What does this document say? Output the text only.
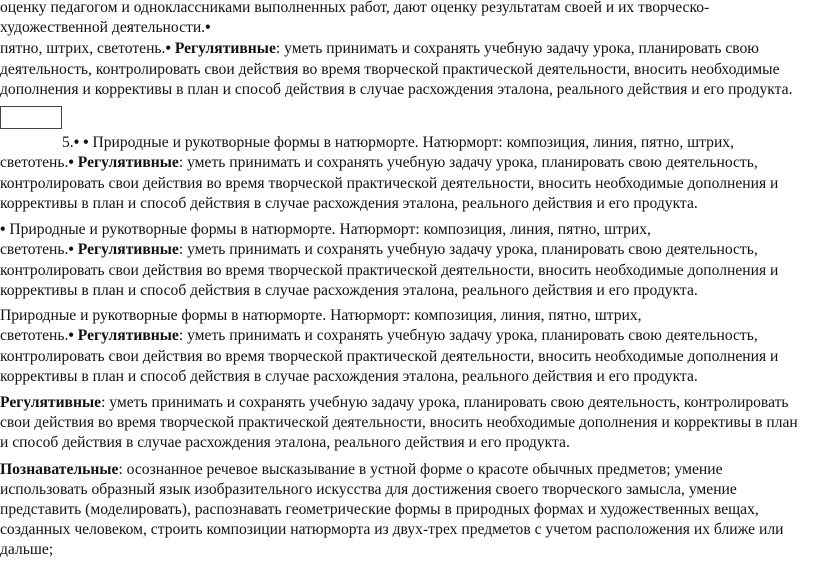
оценку педагогом и одноклассниками выполненных работ, дают оценку результатам своей и их творческо-
художественной деятельности.•
пятно, штрих, светотень.• Регулятивные: уметь принимать и сохранять учебную задачу урока, планировать свою
деятельность, контролировать свои действия во время творческой практической деятельности, вносить необходимые
дополнения и коррективы в план и способ действия в случае расхождения эталона, реального действия и его продукта.
5.• • Природные и рукотворные формы в натюрморте. Натюрморт: композиция, линия, пятно, штрих,
светотень.• Регулятивные: уметь принимать и сохранять учебную задачу урока, планировать свою деятельность,
контролировать свои действия во время творческой практической деятельности, вносить необходимые дополнения и
коррективы в план и способ действия в случае расхождения эталона, реального действия и его продукта.
• Природные и рукотворные формы в натюрморте. Натюрморт: композиция, линия, пятно, штрих,
светотень.• Регулятивные: уметь принимать и сохранять учебную задачу урока, планировать свою деятельность,
контролировать свои действия во время творческой практической деятельности, вносить необходимые дополнения и
коррективы в план и способ действия в случае расхождения эталона, реального действия и его продукта.
Природные и рукотворные формы в натюрморте. Натюрморт: композиция, линия, пятно, штрих,
светотень.• Регулятивные: уметь принимать и сохранять учебную задачу урока, планировать свою деятельность,
контролировать свои действия во время творческой практической деятельности, вносить необходимые дополнения и
коррективы в план и способ действия в случае расхождения эталона, реального действия и его продукта.
Регулятивные: уметь принимать и сохранять учебную задачу урока, планировать свою деятельность, контролировать
свои действия во время творческой практической деятельности, вносить необходимые дополнения и коррективы в план
и способ действия в случае расхождения эталона, реального действия и его продукта.
Познавательные: осознанное речевое высказывание в устной форме о красоте обычных предметов; умение
использовать образный язык изобразительного искусства для достижения своего творческого замысла, умение
представить (моделировать), распознавать геометрические формы в природных формах и художественных вещах,
созданных человеком, строить композиции натюрморта из двух-трех предметов с учетом расположения их ближе или
дальше;
